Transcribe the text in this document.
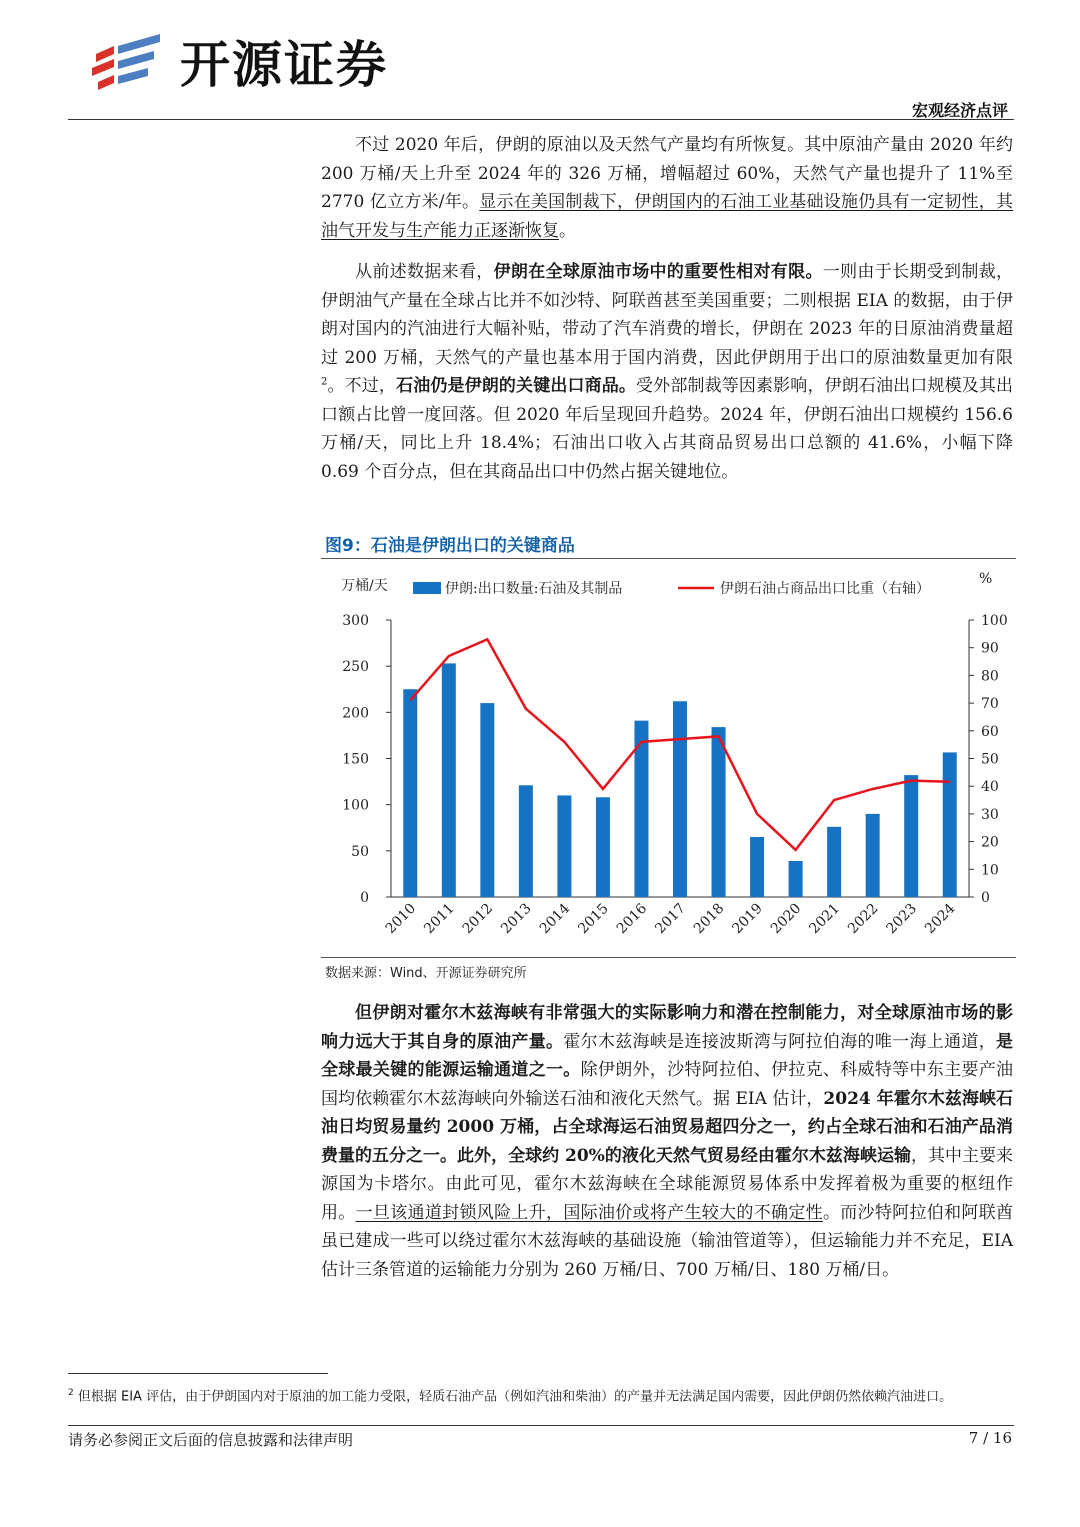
开源证券
宏观经济点评

不过 2020 年后，伊朗的原油以及天然气产量均有所恢复。其中原油产量由 2020 年约 200 万桶/天上升至 2024 年的 326 万桶，增幅超过 60%，天然气产量也提升了 11%至 2770 亿立方米/年。显示在美国制裁下，伊朗国内的石油工业基础设施仍具有一定韧性，其油气开发与生产能力正逐渐恢复。

从前述数据来看，伊朗在全球原油市场中的重要性相对有限。一则由于长期受到制裁，伊朗油气产量在全球占比并不如沙特、阿联酋甚至美国重要；二则根据 EIA 的数据，由于伊朗对国内的汽油进行大幅补贴，带动了汽车消费的增长，伊朗在 2023 年的日原油消费量超过 200 万桶，天然气的产量也基本用于国内消费，因此伊朗用于出口的原油数量更加有限$^2$。不过，石油仍是伊朗的关键出口商品。受外部制裁等因素影响，伊朗石油出口规模及其出口额占比曾一度回落。但 2020 年后呈现回升趋势。2024 年，伊朗石油出口规模约 156.6 万桶/天，同比上升 18.4%；石油出口收入占其商品贸易出口总额的 41.6%，小幅下降 0.69 个百分点，但在其商品出口中仍然占据关键地位。

图9：石油是伊朗出口的关键商品
0
50
100
150
200
250
300
0
10
20
30
40
50
60
70
80
90
100
2010 2011 2012 2013 2014 2015 2016 2017 2018 2019 2020 2021 2022 2023 2024
万桶/天	%
伊朗:出口数量:石油及其制品	伊朗石油占商品出口比重（右轴）
数据来源：Wind、开源证券研究所

但伊朗对霍尔木兹海峡有非常强大的实际影响力和潜在控制能力，对全球原油市场的影响力远大于其自身的原油产量。霍尔木兹海峡是连接波斯湾与阿拉伯海的唯一海上通道，是全球最关键的能源运输通道之一。除伊朗外，沙特阿拉伯、伊拉克、科威特等中东主要产油国均依赖霍尔木兹海峡向外输送石油和液化天然气。据 EIA 估计，2024 年霍尔木兹海峡石油日均贸易量约 2000 万桶，占全球海运石油贸易超四分之一，约占全球石油和石油产品消费量的五分之一。此外，全球约 20%的液化天然气贸易经由霍尔木兹海峡运输，其中主要来源国为卡塔尔。由此可见，霍尔木兹海峡在全球能源贸易体系中发挥着极为重要的枢纽作用。一旦该通道封锁风险上升，国际油价或将产生较大的不确定性。而沙特阿拉伯和阿联酋虽已建成一些可以绕过霍尔木兹海峡的基础设施（输油管道等），但运输能力并不充足，EIA 估计三条管道的运输能力分别为 260 万桶/日、700 万桶/日、180 万桶/日。

$^2$ 但根据 EIA 评估，由于伊朗国内对于原油的加工能力受限，轻质石油产品（例如汽油和柴油）的产量并无法满足国内需要，因此伊朗仍然依赖汽油进口。

请务必参阅正文后面的信息披露和法律声明	7 / 16
